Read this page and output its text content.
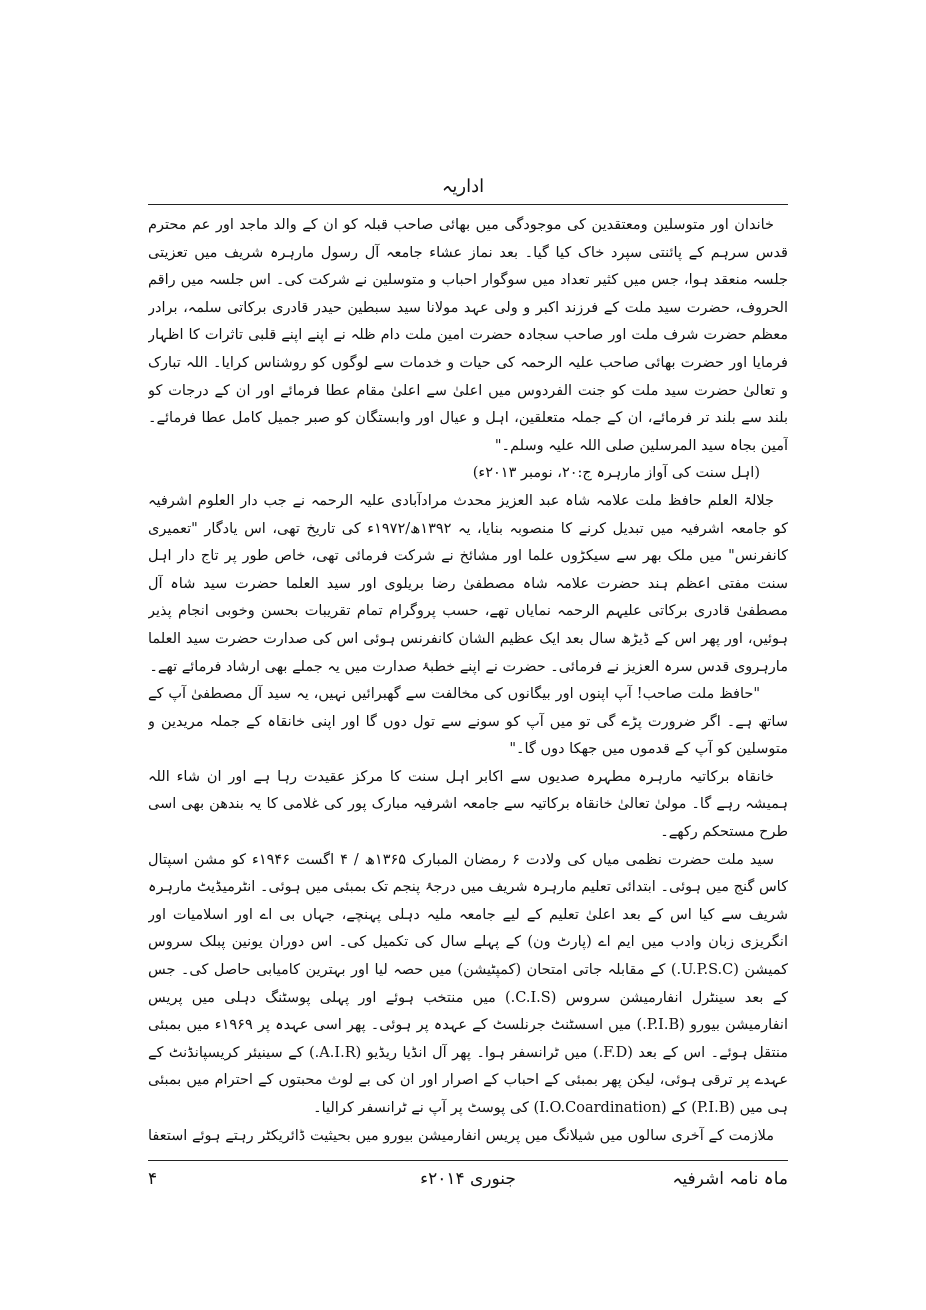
اداریہ

خاندان اور متوسلین ومعتقدین کی موجودگی میں بھائی صاحب قبلہ کو ان کے والد ماجد اور عم محترم قدس سرہم کے پائنتی سپرد خاک کیا گیا۔ بعد نماز عشاء جامعہ آل رسول مارہرہ شریف میں تعزیتی جلسہ منعقد ہوا، جس میں کثیر تعداد میں سوگوار احباب و متوسلین نے شرکت کی۔ اس جلسہ میں راقم الحروف، حضرت سید ملت کے فرزند اکبر و ولی عہد مولانا سید سبطین حیدر قادری برکاتی سلمہ، برادر معظم حضرت شرف ملت اور صاحب سجادہ حضرت امین ملت دام ظلہ نے اپنے اپنے قلبی تاثرات کا اظہار فرمایا اور حضرت بھائی صاحب علیہ الرحمہ کی حیات و خدمات سے لوگوں کو روشناس کرایا۔ اللہ تبارک و تعالیٰ حضرت سید ملت کو جنت الفردوس میں اعلیٰ سے اعلیٰ مقام عطا فرمائے اور ان کے درجات کو بلند سے بلند تر فرمائے، ان کے جملہ متعلقین، اہل و عیال اور وابستگان کو صبر جمیل کامل عطا فرمائے۔ آمین بجاہ سید المرسلین صلی اللہ علیہ وسلم۔"

(اہل سنت کی آواز مارہرہ ج:۲۰، نومبر ۲۰۱۳ء)

جلالۃ العلم حافظ ملت علامہ شاہ عبد العزیز محدث مرادآبادی علیہ الرحمہ نے جب دار العلوم اشرفیہ کو جامعہ اشرفیہ میں تبدیل کرنے کا منصوبہ بنایا، یہ ۱۳۹۲ھ/۱۹۷۲ء کی تاریخ تھی، اس یادگار "تعمیری کانفرنس" میں ملک بھر سے سیکڑوں علما اور مشائخ نے شرکت فرمائی تھی، خاص طور پر تاج دار اہل سنت مفتی اعظم ہند حضرت علامہ شاہ مصطفیٰ رضا بریلوی اور سید العلما حضرت سید شاہ آل مصطفیٰ قادری برکاتی علیہم الرحمہ نمایاں تھے، حسب پروگرام تمام تقریبات بحسن وخوبی انجام پذیر ہوئیں، اور پھر اس کے ڈیڑھ سال بعد ایک عظیم الشان کانفرنس ہوئی اس کی صدارت حضرت سید العلما مارہروی قدس سرہ العزیز نے فرمائی۔ حضرت نے اپنے خطبۂ صدارت میں یہ جملے بھی ارشاد فرمائے تھے۔

"حافظ ملت صاحب! آپ اپنوں اور بیگانوں کی مخالفت سے گھبرائیں نہیں، یہ سید آل مصطفیٰ آپ کے ساتھ ہے۔ اگر ضرورت پڑے گی تو میں آپ کو سونے سے تول دوں گا اور اپنی خانقاہ کے جملہ مریدین و متوسلین کو آپ کے قدموں میں جھکا دوں گا۔"

خانقاہ برکاتیہ مارہرہ مطہرہ صدیوں سے اکابر اہل سنت کا مرکز عقیدت رہا ہے اور ان شاء اللہ ہمیشہ رہے گا۔ مولیٰ تعالیٰ خانقاہ برکاتیہ سے جامعہ اشرفیہ مبارک پور کی غلامی کا یہ بندھن بھی اسی طرح مستحکم رکھے۔

سید ملت حضرت نظمی میاں کی ولادت ۶ رمضان المبارک ۱۳۶۵ھ / ۴ اگست ۱۹۴۶ء کو مشن اسپتال کاس گنج میں ہوئی۔ ابتدائی تعلیم مارہرہ شریف میں درجۂ پنجم تک بمبئی میں ہوئی۔ انٹرمیڈیٹ مارہرہ شریف سے کیا اس کے بعد اعلیٰ تعلیم کے لیے جامعہ ملیہ دہلی پہنچے، جہاں بی اے اور اسلامیات اور انگریزی زبان وادب میں ایم اے (پارٹ ون) کے پہلے سال کی تکمیل کی۔ اس دوران یونین پبلک سروس کمیشن (U.P.S.C.) کے مقابلہ جاتی امتحان (کمپٹیشن) میں حصہ لیا اور بہترین کامیابی حاصل کی۔ جس کے بعد سینٹرل انفارمیشن سروس (C.I.S.) میں منتخب ہوئے اور پہلی پوسٹنگ دہلی میں پریس انفارمیشن بیورو (P.I.B.) میں اسسٹنٹ جرنلسٹ کے عہدہ پر ہوئی۔ پھر اسی عہدہ پر ۱۹۶۹ء میں بمبئی منتقل ہوئے۔ اس کے بعد (F.D.) میں ٹرانسفر ہوا۔ پھر آل انڈیا ریڈیو (A.I.R.) کے سینیئر کریسپانڈنٹ کے عہدے پر ترقی ہوئی، لیکن پھر بمبئی کے احباب کے اصرار اور ان کی بے لوث محبتوں کے احترام میں بمبئی ہی میں (P.I.B) کے (I.O.Coardination) کی پوسٹ پر آپ نے ٹرانسفر کرالیا۔

ملازمت کے آخری سالوں میں شیلانگ میں پریس انفارمیشن بیورو میں بحیثیت ڈائریکٹر رہتے ہوئے استعفا

ماہ نامہ اشرفیہ
جنوری ۲۰۱۴ء
۴
